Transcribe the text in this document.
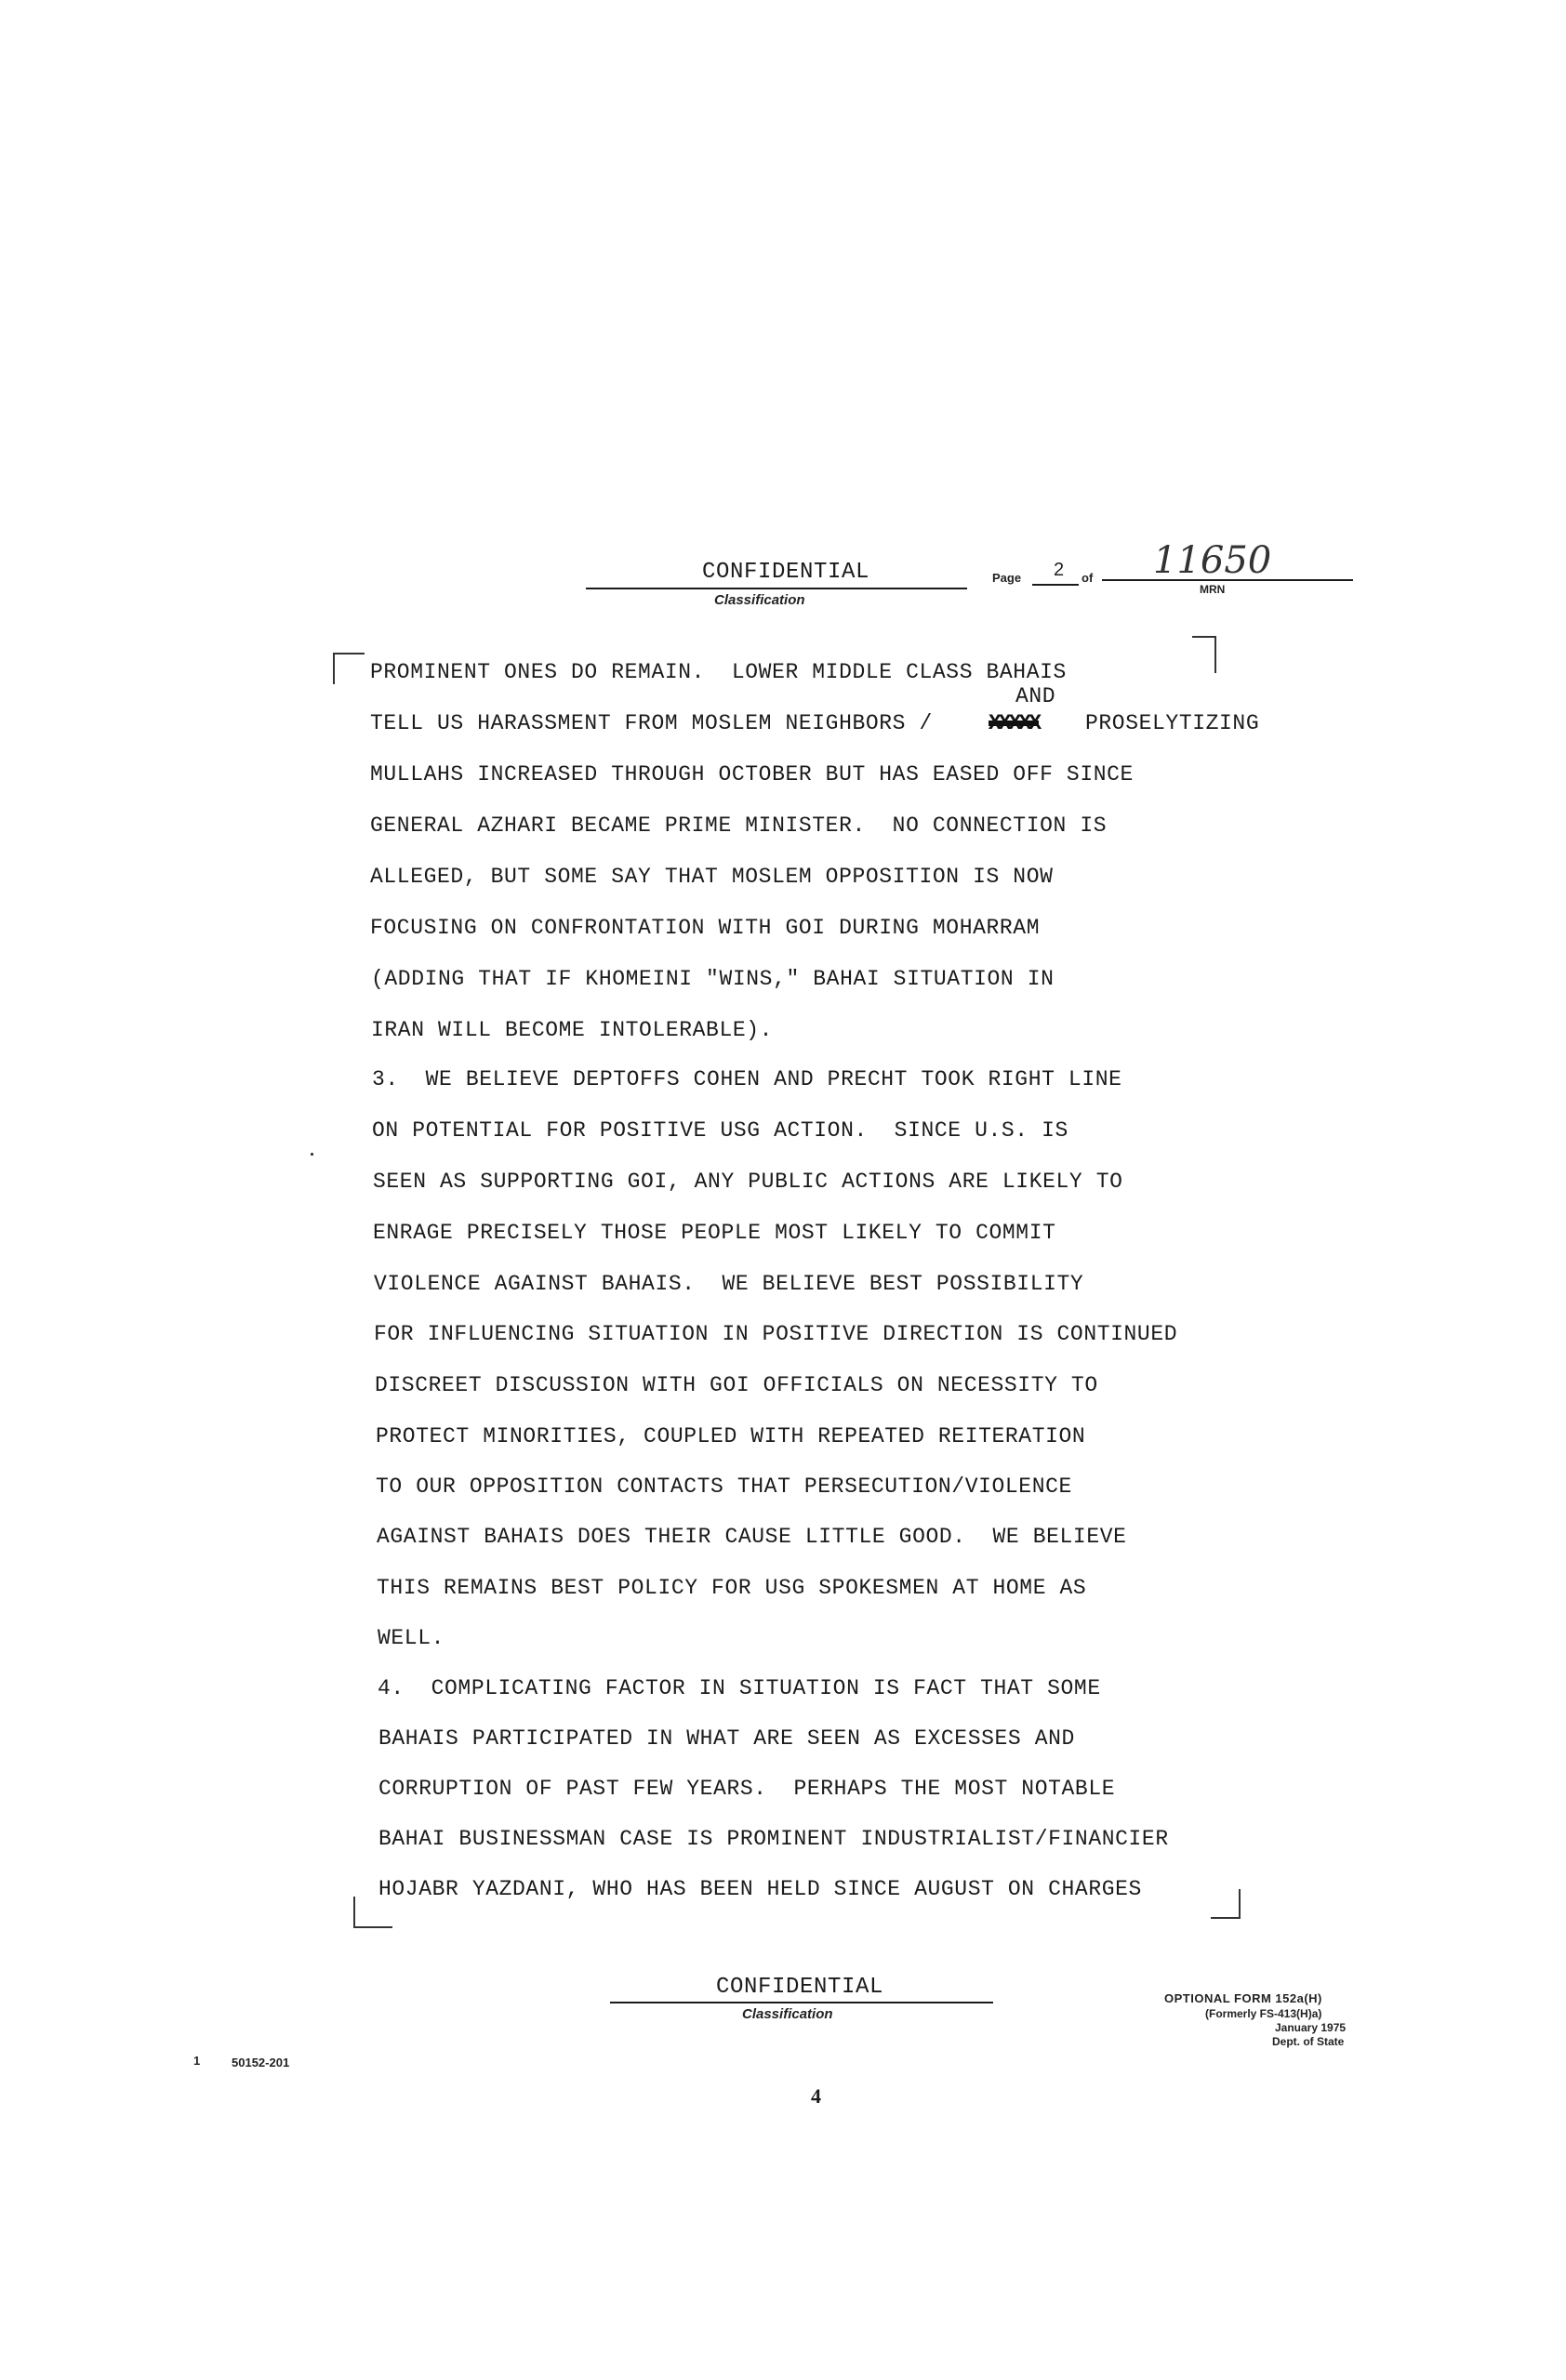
CONFIDENTIAL
Classification
Page 2 of 11650
MRN
PROMINENT ONES DO REMAIN.  LOWER MIDDLE CLASS BAHAIS
AND
TELL US HARASSMENT FROM MOSLEM NEIGHBORS /	XXXXX PROSELYTIZING
MULLAHS INCREASED THROUGH OCTOBER BUT HAS EASED OFF SINCE
GENERAL AZHARI BECAME PRIME MINISTER.  NO CONNECTION IS
ALLEGED, BUT SOME SAY THAT MOSLEM OPPOSITION IS NOW
FOCUSING ON CONFRONTATION WITH GOI DURING MOHARRAM
(ADDING THAT IF KHOMEINI "WINS," BAHAI SITUATION IN
IRAN WILL BECOME INTOLERABLE).
3.  WE BELIEVE DEPTOFFS COHEN AND PRECHT TOOK RIGHT LINE
ON POTENTIAL FOR POSITIVE USG ACTION.  SINCE U.S. IS
SEEN AS SUPPORTING GOI, ANY PUBLIC ACTIONS ARE LIKELY TO
ENRAGE PRECISELY THOSE PEOPLE MOST LIKELY TO COMMIT
VIOLENCE AGAINST BAHAIS.  WE BELIEVE BEST POSSIBILITY
FOR INFLUENCING SITUATION IN POSITIVE DIRECTION IS CONTINUED
DISCREET DISCUSSION WITH GOI OFFICIALS ON NECESSITY TO
PROTECT MINORITIES, COUPLED WITH REPEATED REITERATION
TO OUR OPPOSITION CONTACTS THAT PERSECUTION/VIOLENCE
AGAINST BAHAIS DOES THEIR CAUSE LITTLE GOOD.  WE BELIEVE
THIS REMAINS BEST POLICY FOR USG SPOKESMEN AT HOME AS
WELL.
4.  COMPLICATING FACTOR IN SITUATION IS FACT THAT SOME
BAHAIS PARTICIPATED IN WHAT ARE SEEN AS EXCESSES AND
CORRUPTION OF PAST FEW YEARS.  PERHAPS THE MOST NOTABLE
BAHAI BUSINESSMAN CASE IS PROMINENT INDUSTRIALIST/FINANCIER
HOJABR YAZDANI, WHO HAS BEEN HELD SINCE AUGUST ON CHARGES
CONFIDENTIAL
Classification
OPTIONAL FORM 152a(H)
(Formerly FS-413(H)a)
January 1975
Dept. of State
1	50152-201
4
